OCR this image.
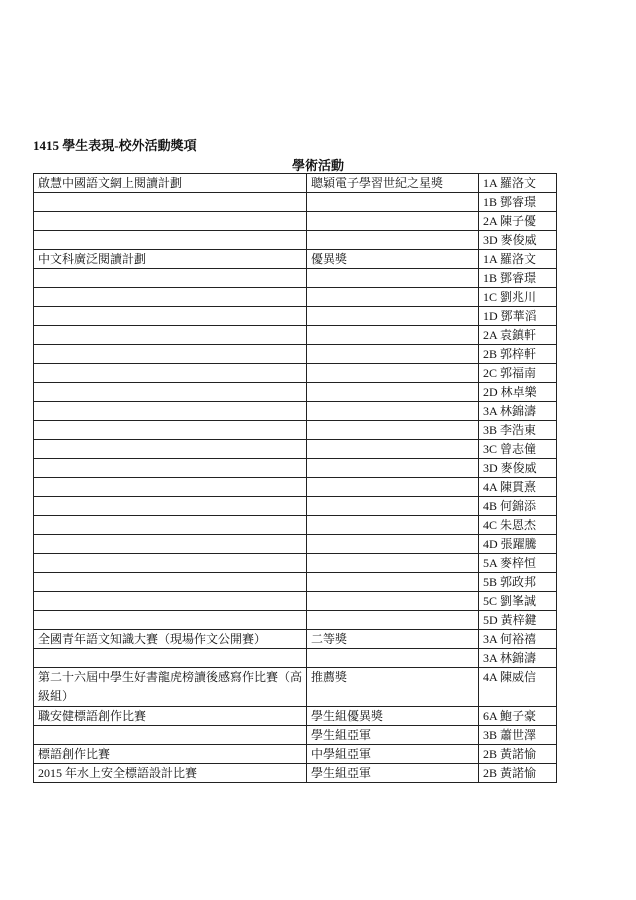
1415 學生表現-校外活動獎項
學術活動
啟慧中國語文網上閱讀計劃	聰穎電子學習世紀之星獎	1A 羅洛文
		1B 鄧睿璟
		2A 陳子優
		3D 麥俊威
中文科廣泛閱讀計劃	優異獎	1A 羅洛文
		1B 鄧睿璟
		1C 劉兆川
		1D 鄧華滔
		2A 袁鎮軒
		2B 郭梓軒
		2C 郭福南
		2D 林卓樂
		3A 林錦濤
		3B 李浩東
		3C 曾志僮
		3D 麥俊威
		4A 陳貫熹
		4B 何錦添
		4C 朱恩杰
		4D 張躍騰
		5A 麥梓恒
		5B 郭政邦
		5C 劉峯誠
		5D 黃梓鍵
全國青年語文知識大賽（現場作文公開賽）	二等獎	3A 何裕禧
		3A 林錦濤
第二十六屆中學生好書龍虎榜讀後感寫作比賽（高級組）	推薦獎	4A 陳威信
職安健標語創作比賽	學生組優異獎	6A 鮑子豪
	學生組亞軍	3B 蕭世澤
標語創作比賽	中學組亞軍	2B 黃諾愉
2015 年水上安全標語設計比賽	學生組亞軍	2B 黃諾愉
